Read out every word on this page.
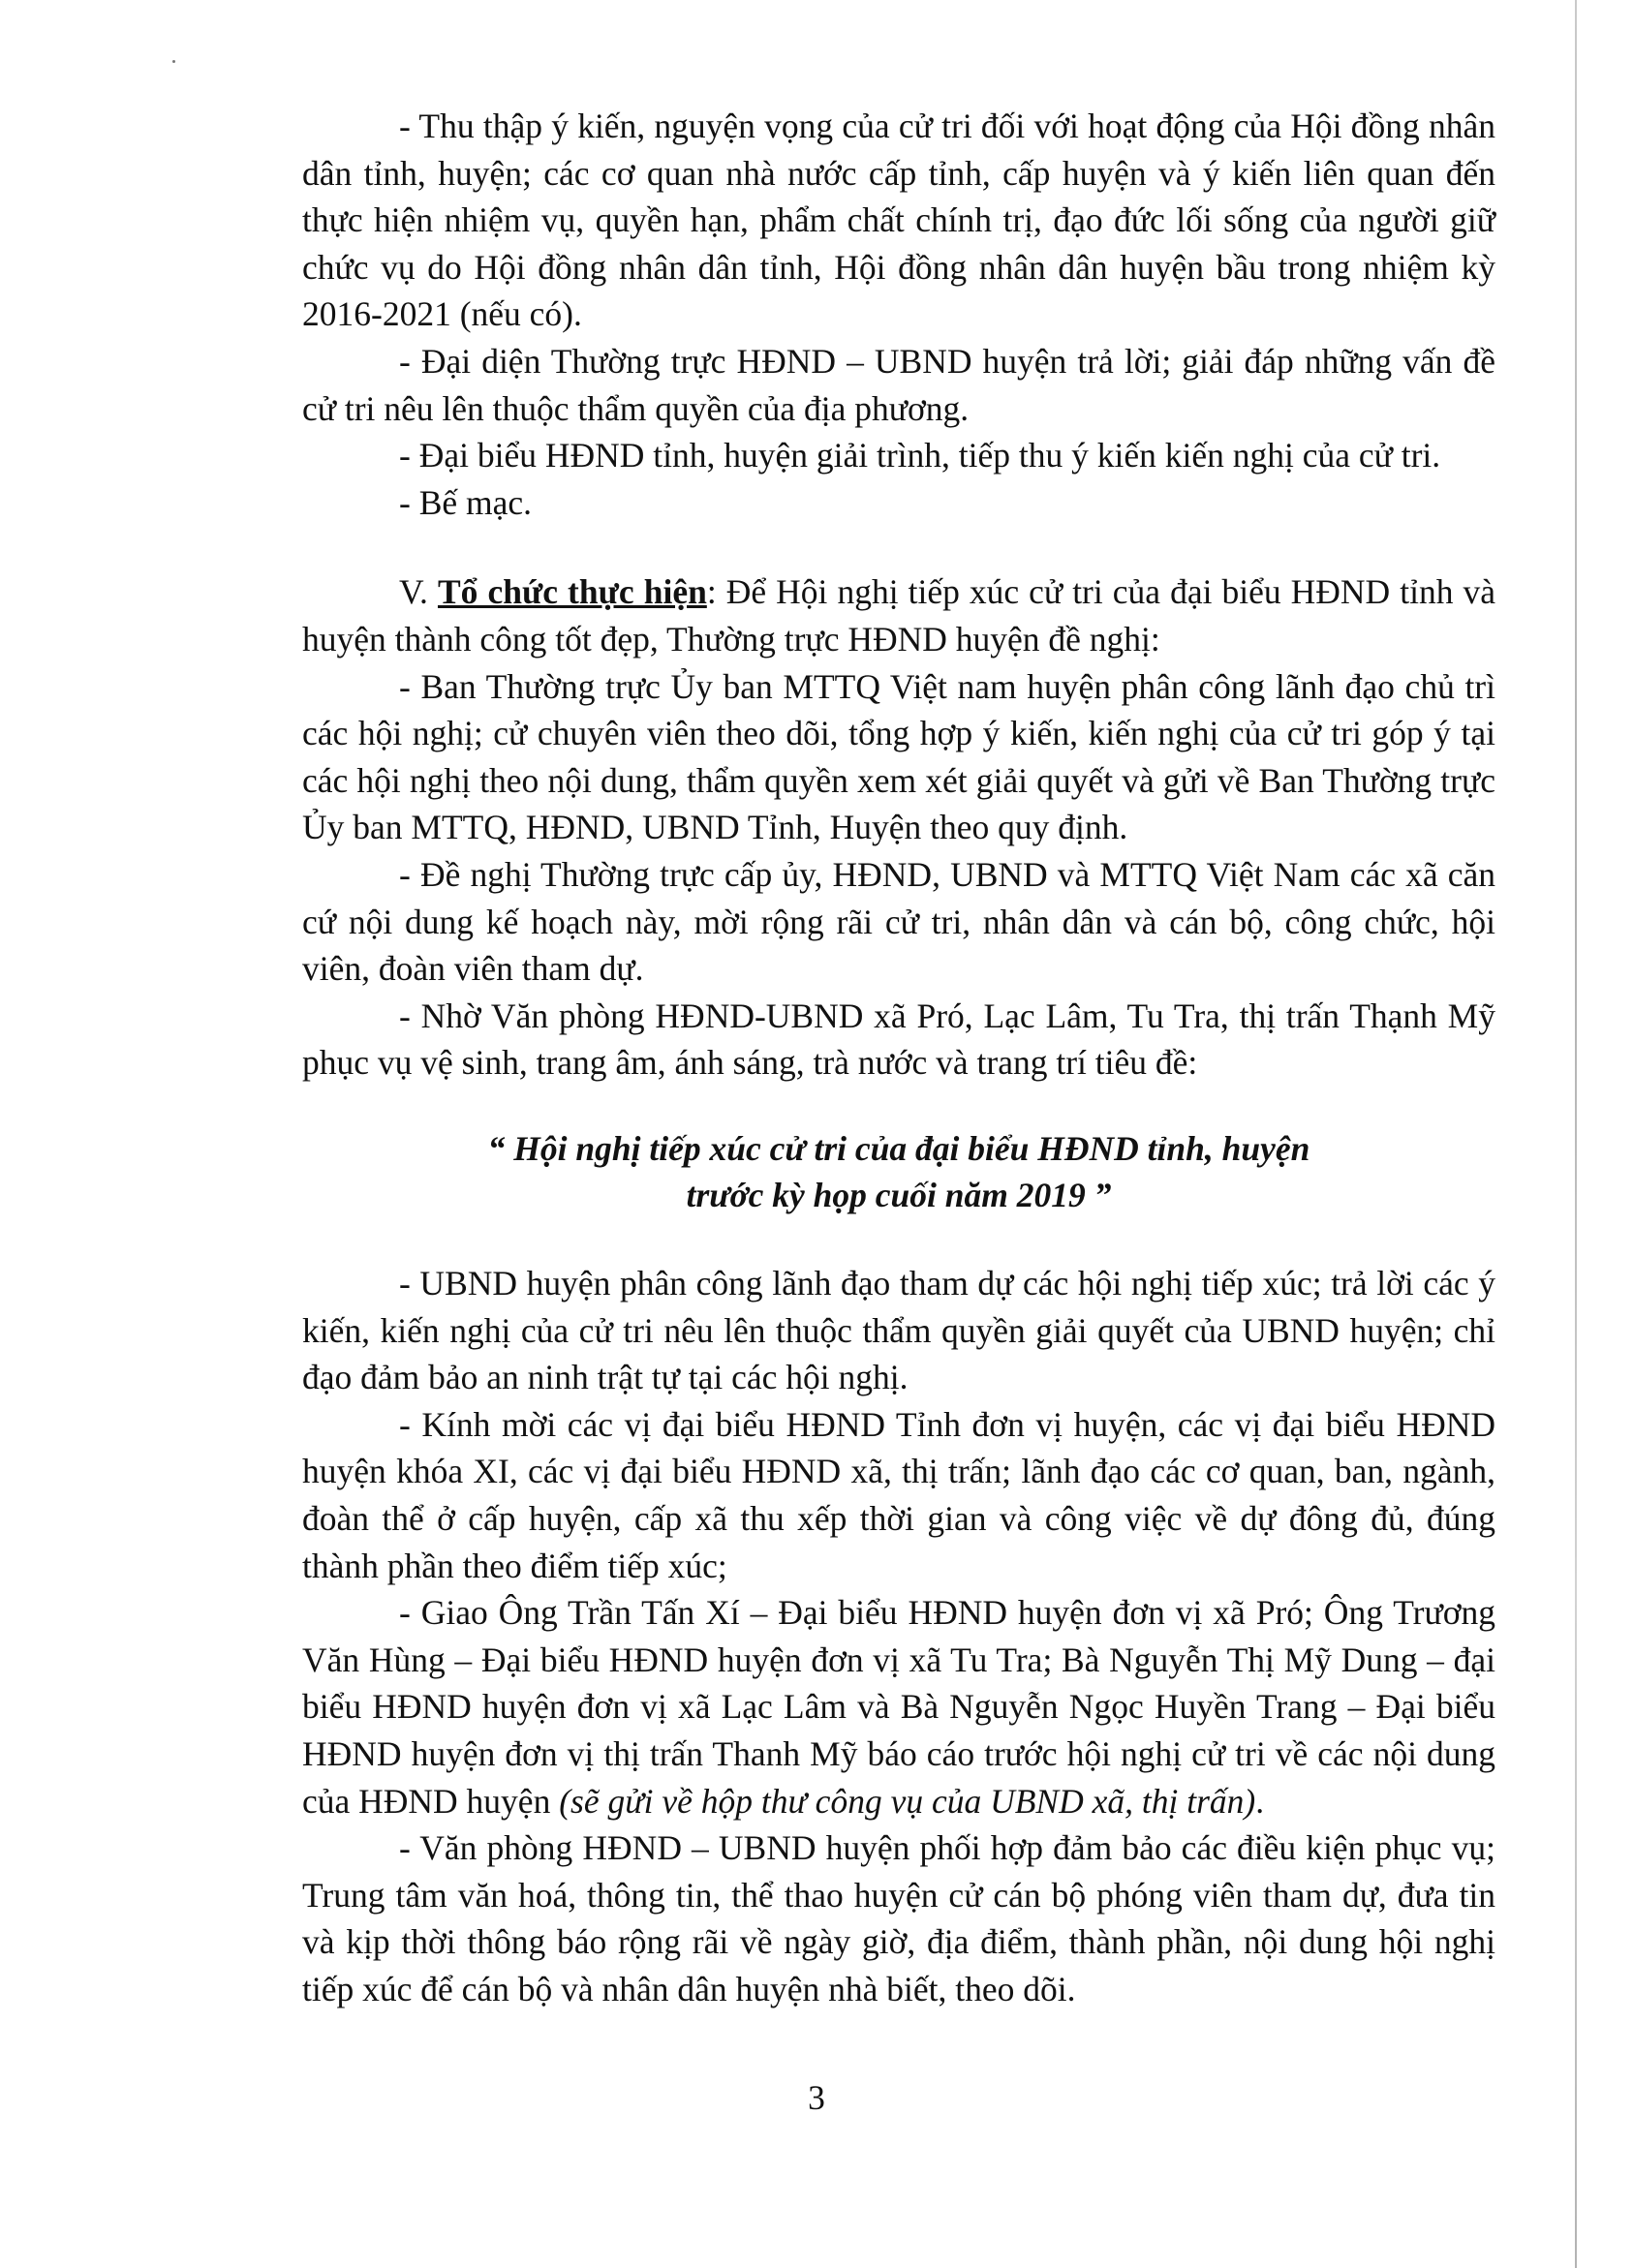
- Thu thập ý kiến, nguyện vọng của cử tri đối với hoạt động của Hội đồng nhân dân tỉnh, huyện; các cơ quan nhà nước cấp tỉnh, cấp huyện và ý kiến liên quan đến thực hiện nhiệm vụ, quyền hạn, phẩm chất chính trị, đạo đức lối sống của người giữ chức vụ do Hội đồng nhân dân tỉnh, Hội đồng nhân dân huyện bầu trong nhiệm kỳ 2016-2021 (nếu có).

- Đại diện Thường trực HĐND – UBND huyện trả lời; giải đáp những vấn đề cử tri nêu lên thuộc thẩm quyền của địa phương.

- Đại biểu HĐND tỉnh, huyện giải trình, tiếp thu ý kiến kiến nghị của cử tri.

- Bế mạc.

V. Tổ chức thực hiện: Để Hội nghị tiếp xúc cử tri của đại biểu HĐND tỉnh và huyện thành công tốt đẹp, Thường trực HĐND huyện đề nghị:

- Ban Thường trực Ủy ban MTTQ Việt nam huyện phân công lãnh đạo chủ trì các hội nghị; cử chuyên viên theo dõi, tổng hợp ý kiến, kiến nghị của cử tri góp ý tại các hội nghị theo nội dung, thẩm quyền xem xét giải quyết và gửi về Ban Thường trực Ủy ban MTTQ, HĐND, UBND Tỉnh, Huyện theo quy định.

- Đề nghị Thường trực cấp ủy, HĐND, UBND và MTTQ Việt Nam các xã căn cứ nội dung kế hoạch này, mời rộng rãi cử tri, nhân dân và cán bộ, công chức, hội viên, đoàn viên tham dự.

- Nhờ Văn phòng HĐND-UBND xã Pró, Lạc Lâm, Tu Tra, thị trấn Thạnh Mỹ phục vụ vệ sinh, trang âm, ánh sáng, trà nước và trang trí tiêu đề:

“ Hội nghị tiếp xúc cử tri của đại biểu HĐND tỉnh, huyện

trước kỳ họp cuối năm 2019 ”

- UBND huyện phân công lãnh đạo tham dự các hội nghị tiếp xúc; trả lời các ý kiến, kiến nghị của cử tri nêu lên thuộc thẩm quyền giải quyết của UBND huyện; chỉ đạo đảm bảo an ninh trật tự tại các hội nghị.

- Kính mời các vị đại biểu HĐND Tỉnh đơn vị huyện, các vị đại biểu HĐND huyện khóa XI, các vị đại biểu HĐND xã, thị trấn; lãnh đạo các cơ quan, ban, ngành, đoàn thể ở cấp huyện, cấp xã thu xếp thời gian và công việc về dự đông đủ, đúng thành phần theo điểm tiếp xúc;

- Giao Ông Trần Tấn Xí – Đại biểu HĐND huyện đơn vị xã Pró; Ông Trương Văn Hùng – Đại biểu HĐND huyện đơn vị xã Tu Tra; Bà Nguyễn Thị Mỹ Dung – đại biểu HĐND huyện đơn vị xã Lạc Lâm và Bà Nguyễn Ngọc Huyền Trang – Đại biểu HĐND huyện đơn vị thị trấn Thanh Mỹ báo cáo trước hội nghị cử tri về các nội dung của HĐND huyện (sẽ gửi về hộp thư công vụ của UBND xã, thị trấn).

- Văn phòng HĐND – UBND huyện phối hợp đảm bảo các điều kiện phục vụ; Trung tâm văn hoá, thông tin, thể thao huyện cử cán bộ phóng viên tham dự, đưa tin và kịp thời thông báo rộng rãi về ngày giờ, địa điểm, thành phần, nội dung hội nghị tiếp xúc để cán bộ và nhân dân huyện nhà biết, theo dõi.

3
